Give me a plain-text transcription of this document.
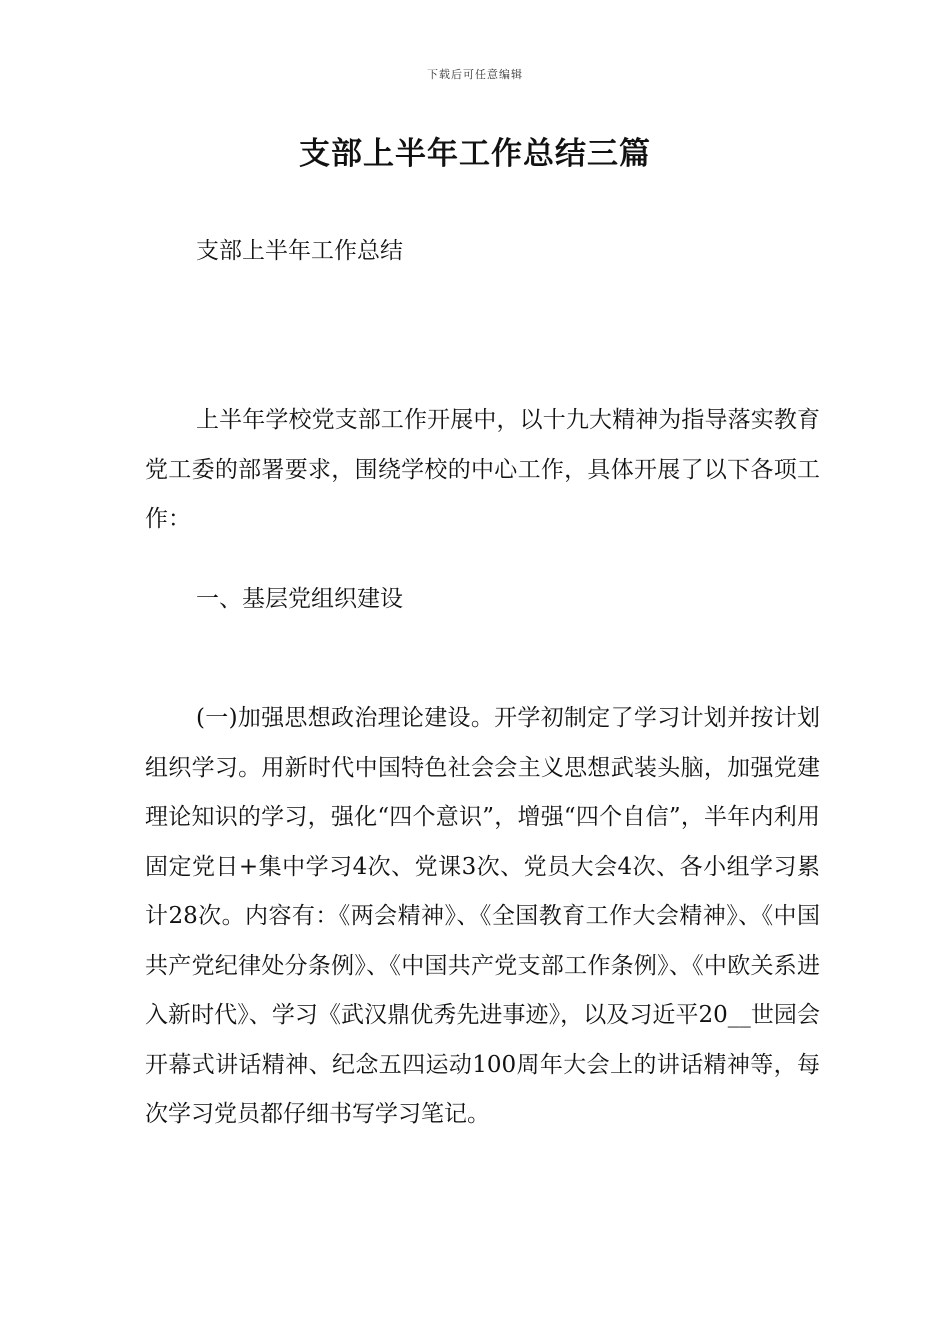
下载后可任意编辑
支部上半年工作总结三篇
支部上半年工作总结

上半年学校党支部工作开展中，以十九大精神为指导落实教育党工委的部署要求，围绕学校的中心工作，具体开展了以下各项工作：

一、基层党组织建设

(一)加强思想政治理论建设。开学初制定了学习计划并按计划组织学习。用新时代中国特色社会会主义思想武装头脑，加强党建理论知识的学习，强化“四个意识”，增强“四个自信”，半年内利用固定党日+集中学习4次、党课3次、党员大会4次、各小组学习累计28次。内容有：《两会精神》、《全国教育工作大会精神》、《中国共产党纪律处分条例》、《中国共产党支部工作条例》、《中欧关系进入新时代》、学习《武汉鼎优秀先进事迹》，以及习近平20__世园会开幕式讲话精神、纪念五四运动100周年大会上的讲话精神等，每次学习党员都仔细书写学习笔记。
